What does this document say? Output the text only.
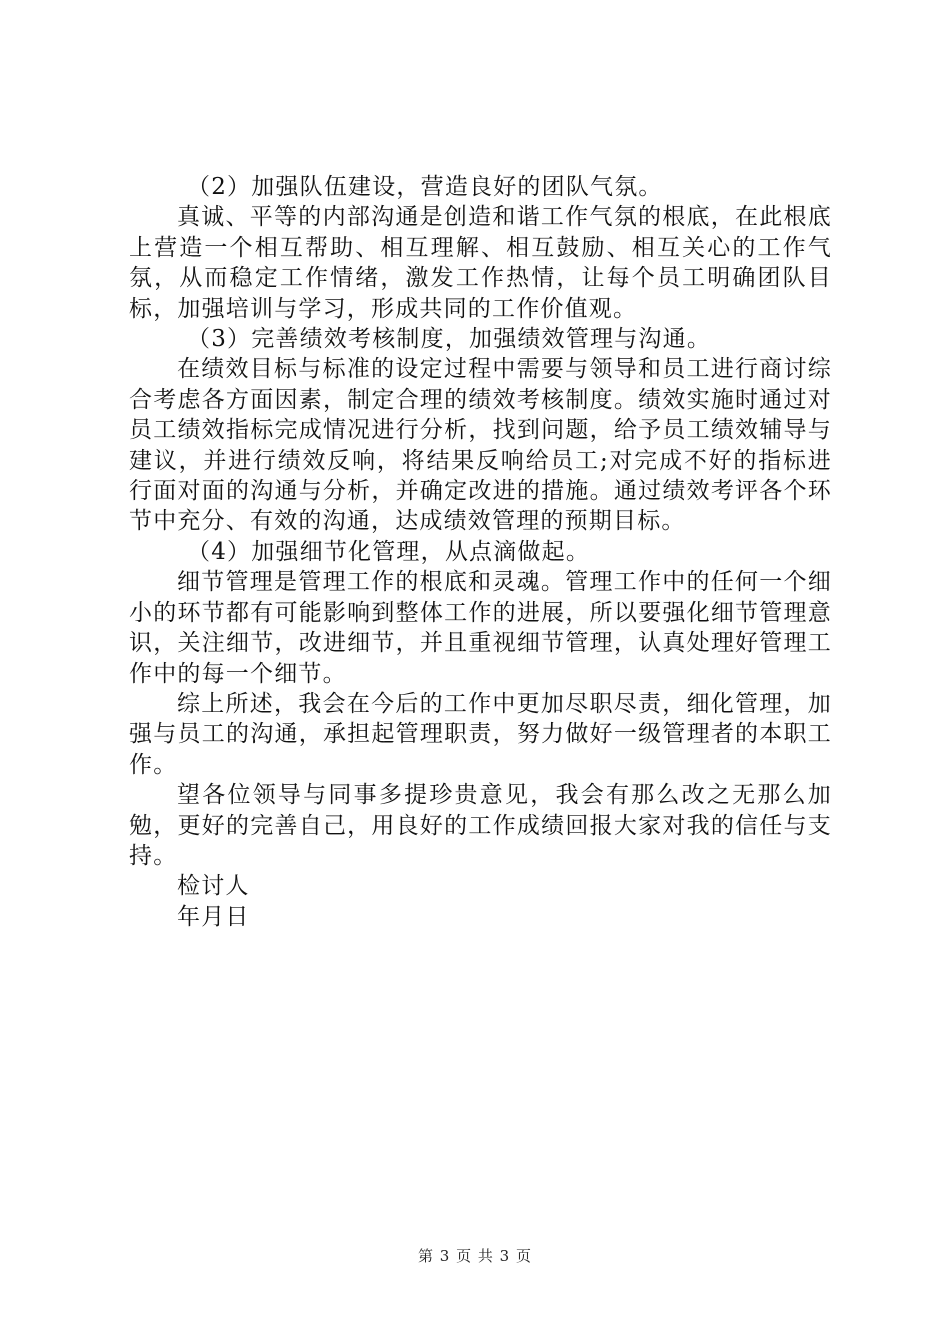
（2）加强队伍建设，营造良好的团队气氛。

真诚、平等的内部沟通是创造和谐工作气氛的根底，在此根底上营造一个相互帮助、相互理解、相互鼓励、相互关心的工作气氛，从而稳定工作情绪，激发工作热情，让每个员工明确团队目标，加强培训与学习，形成共同的工作价值观。

（3）完善绩效考核制度，加强绩效管理与沟通。

在绩效目标与标准的设定过程中需要与领导和员工进行商讨综合考虑各方面因素，制定合理的绩效考核制度。绩效实施时通过对员工绩效指标完成情况进行分析，找到问题，给予员工绩效辅导与建议，并进行绩效反响，将结果反响给员工;对完成不好的指标进行面对面的沟通与分析，并确定改进的措施。通过绩效考评各个环节中充分、有效的沟通，达成绩效管理的预期目标。

（4）加强细节化管理，从点滴做起。

细节管理是管理工作的根底和灵魂。管理工作中的任何一个细小的环节都有可能影响到整体工作的进展，所以要强化细节管理意识，关注细节，改进细节，并且重视细节管理，认真处理好管理工作中的每一个细节。

综上所述，我会在今后的工作中更加尽职尽责，细化管理，加强与员工的沟通，承担起管理职责，努力做好一级管理者的本职工作。

望各位领导与同事多提珍贵意见，我会有那么改之无那么加勉，更好的完善自己，用良好的工作成绩回报大家对我的信任与支持。

检讨人

年月日

第 3 页 共 3 页
